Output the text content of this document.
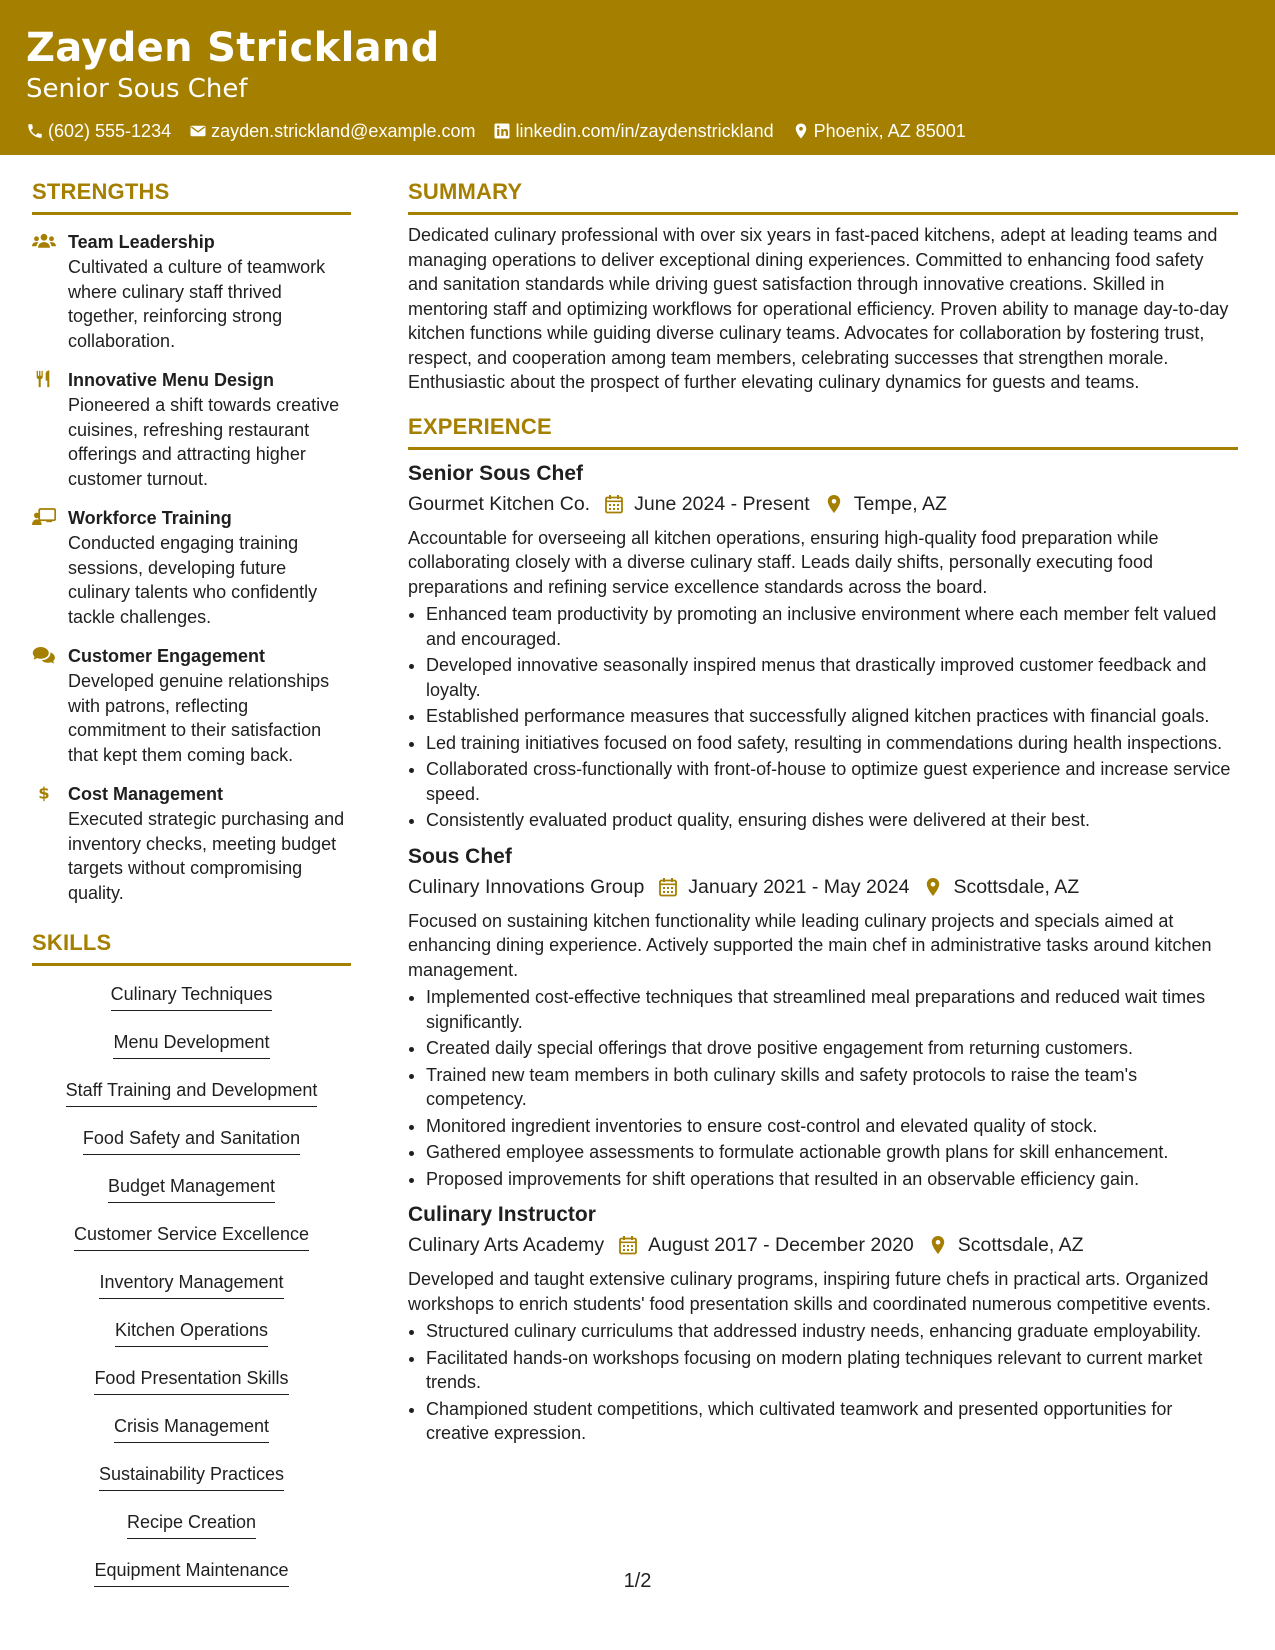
Zayden Strickland
Senior Sous Chef
(602) 555-1234 zayden.strickland@example.com linkedin.com/in/zaydenstrickland Phoenix, AZ 85001
STRENGTHS
Team Leadership
Cultivated a culture of teamwork where culinary staff thrived together, reinforcing strong collaboration.
Innovative Menu Design
Pioneered a shift towards creative cuisines, refreshing restaurant offerings and attracting higher customer turnout.
Workforce Training
Conducted engaging training sessions, developing future culinary talents who confidently tackle challenges.
Customer Engagement
Developed genuine relationships with patrons, reflecting commitment to their satisfaction that kept them coming back.
$ Cost Management
Executed strategic purchasing and inventory checks, meeting budget targets without compromising quality.
SKILLS
Culinary Techniques
Menu Development
Staff Training and Development
Food Safety and Sanitation
Budget Management
Customer Service Excellence
Inventory Management
Kitchen Operations
Food Presentation Skills
Crisis Management
Sustainability Practices
Recipe Creation
Equipment Maintenance
SUMMARY
Dedicated culinary professional with over six years in fast-paced kitchens, adept at leading teams and managing operations to deliver exceptional dining experiences. Committed to enhancing food safety and sanitation standards while driving guest satisfaction through innovative creations. Skilled in mentoring staff and optimizing workflows for operational efficiency. Proven ability to manage day-to-day kitchen functions while guiding diverse culinary teams. Advocates for collaboration by fostering trust, respect, and cooperation among team members, celebrating successes that strengthen morale. Enthusiastic about the prospect of further elevating culinary dynamics for guests and teams.
EXPERIENCE
Senior Sous Chef
Gourmet Kitchen Co. June 2024 - Present Tempe, AZ
Accountable for overseeing all kitchen operations, ensuring high-quality food preparation while collaborating closely with a diverse culinary staff. Leads daily shifts, personally executing food preparations and refining service excellence standards across the board.
• Enhanced team productivity by promoting an inclusive environment where each member felt valued and encouraged.
• Developed innovative seasonally inspired menus that drastically improved customer feedback and loyalty.
• Established performance measures that successfully aligned kitchen practices with financial goals.
• Led training initiatives focused on food safety, resulting in commendations during health inspections.
• Collaborated cross-functionally with front-of-house to optimize guest experience and increase service speed.
• Consistently evaluated product quality, ensuring dishes were delivered at their best.
Sous Chef
Culinary Innovations Group January 2021 - May 2024 Scottsdale, AZ
Focused on sustaining kitchen functionality while leading culinary projects and specials aimed at enhancing dining experience. Actively supported the main chef in administrative tasks around kitchen management.
• Implemented cost-effective techniques that streamlined meal preparations and reduced wait times significantly.
• Created daily special offerings that drove positive engagement from returning customers.
• Trained new team members in both culinary skills and safety protocols to raise the team's competency.
• Monitored ingredient inventories to ensure cost-control and elevated quality of stock.
• Gathered employee assessments to formulate actionable growth plans for skill enhancement.
• Proposed improvements for shift operations that resulted in an observable efficiency gain.
Culinary Instructor
Culinary Arts Academy August 2017 - December 2020 Scottsdale, AZ
Developed and taught extensive culinary programs, inspiring future chefs in practical arts. Organized workshops to enrich students' food presentation skills and coordinated numerous competitive events.
• Structured culinary curriculums that addressed industry needs, enhancing graduate employability.
• Facilitated hands-on workshops focusing on modern plating techniques relevant to current market trends.
• Championed student competitions, which cultivated teamwork and presented opportunities for creative expression.
1/2
